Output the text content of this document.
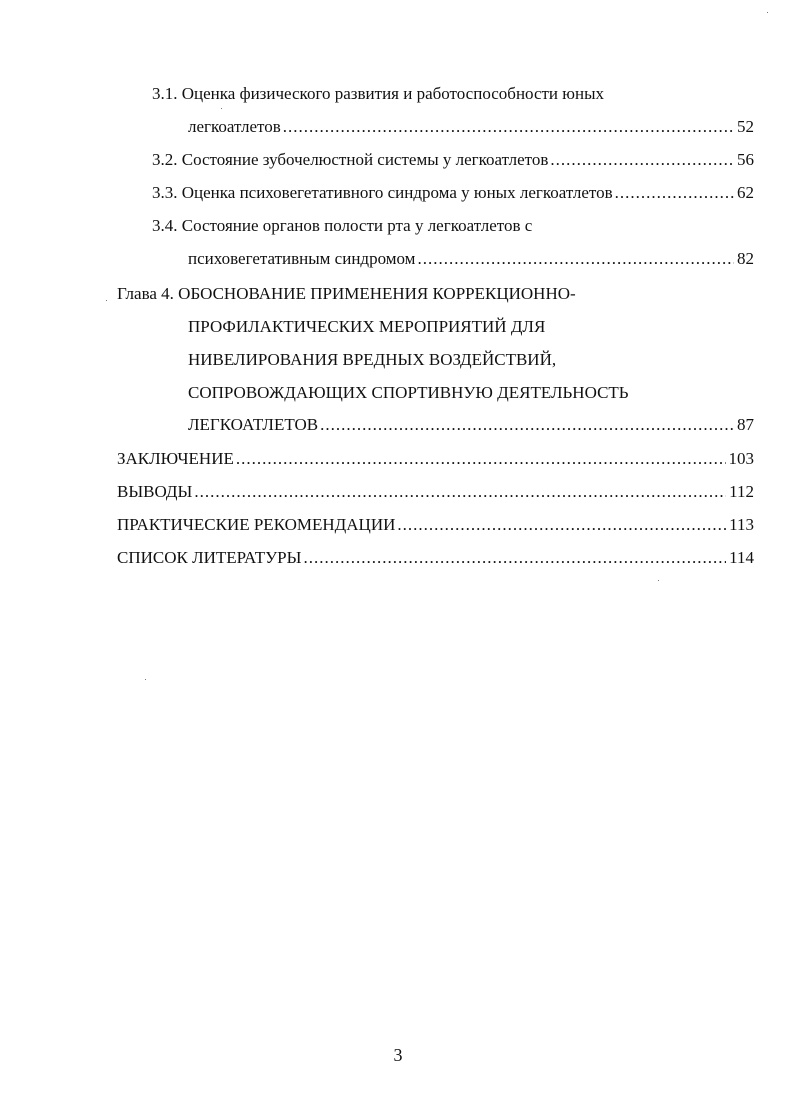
3.1. Оценка физического развития и работоспособности юных
легкоатлетов .....	52
3.2. Состояние зубочелюстной системы у легкоатлетов .....	56
3.3. Оценка психовегетативного синдрома у юных легкоатлетов .....	62
3.4. Состояние органов полости рта у легкоатлетов с
психовегетативным синдромом .....	82
Глава 4. ОБОСНОВАНИЕ ПРИМЕНЕНИЯ КОРРЕКЦИОННО-
ПРОФИЛАКТИЧЕСКИХ МЕРОПРИЯТИЙ ДЛЯ
НИВЕЛИРОВАНИЯ ВРЕДНЫХ ВОЗДЕЙСТВИЙ,
СОПРОВОЖДАЮЩИХ СПОРТИВНУЮ ДЕЯТЕЛЬНОСТЬ
ЛЕГКОАТЛЕТОВ .....	87
ЗАКЛЮЧЕНИЕ .....	103
ВЫВОДЫ .....	112
ПРАКТИЧЕСКИЕ РЕКОМЕНДАЦИИ .....	113
СПИСОК ЛИТЕРАТУРЫ .....	114
3
